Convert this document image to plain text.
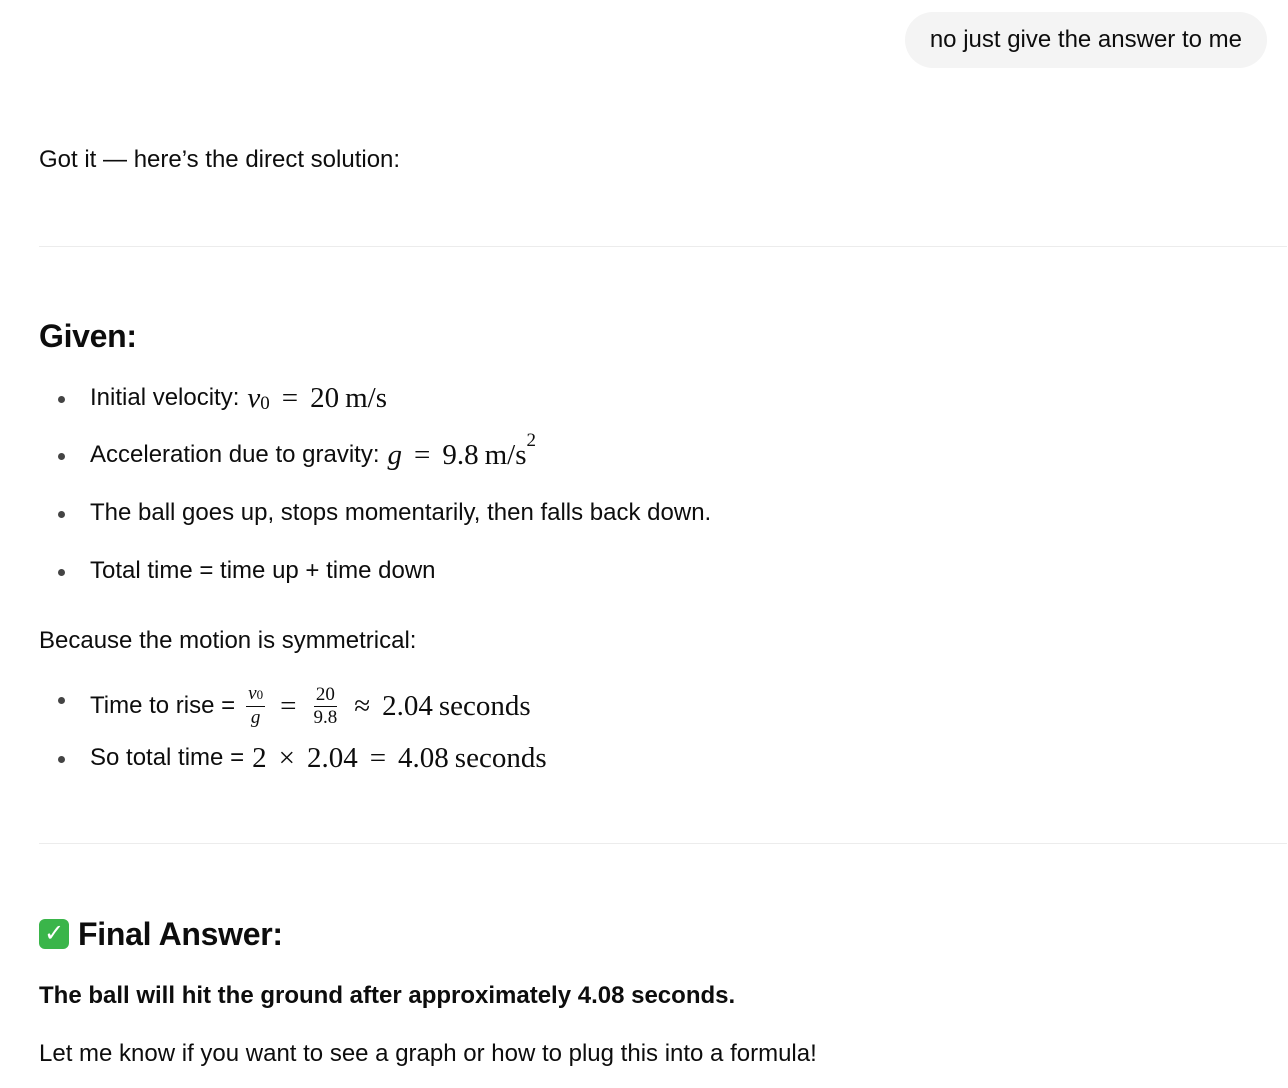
no just give the answer to me
Got it — here’s the direct solution:
Given:
Initial velocity: v 0 = 20 m/s
Acceleration due to gravity: g = 9.8 m/s 2
The ball goes up, stops momentarily, then falls back down.
Total time = time up + time down
Because the motion is symmetrical:
Time to rise = $\frac{v0}{g} = \frac{20}{9.8} \approx 2.04$ seconds
So total time = 2 × 2.04 = 4.08 seconds
✓ Final Answer:
The ball will hit the ground after approximately 4.08 seconds.
Let me know if you want to see a graph or how to plug this into a formula!
